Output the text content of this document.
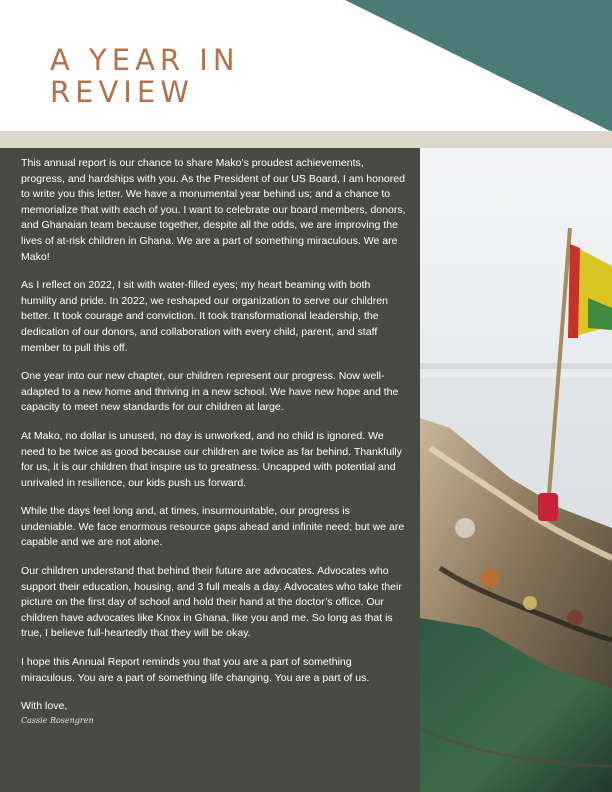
A YEAR IN
REVIEW

This annual report is our chance to share Mako’s proudest achievements, progress, and hardships with you. As the President of our US Board, I am honored to write you this letter. We have a monumental year behind us; and a chance to memorialize that with each of you. I want to celebrate our board members, donors, and Ghanaian team because together, despite all the odds, we are improving the lives of at-risk children in Ghana. We are a part of something miraculous. We are Mako!

As I reflect on 2022, I sit with water-filled eyes; my heart beaming with both humility and pride. In 2022, we reshaped our organization to serve our children better. It took courage and conviction. It took transformational leadership, the dedication of our donors, and collaboration with every child, parent, and staff member to pull this off.

One year into our new chapter, our children represent our progress. Now well-adapted to a new home and thriving in a new school. We have new hope and the capacity to meet new standards for our children at large.

At Mako, no dollar is unused, no day is unworked, and no child is ignored. We need to be twice as good because our children are twice as far behind. Thankfully for us, it is our children that inspire us to greatness. Uncapped with potential and unrivaled in resilience, our kids push us forward.

While the days feel long and, at times, insurmountable, our progress is undeniable. We face enormous resource gaps ahead and infinite need; but we are capable and we are not alone.

Our children understand that behind their future are advocates. Advocates who support their education, housing, and 3 full meals a day. Advocates who take their picture on the first day of school and hold their hand at the doctor’s office. Our children have advocates like Knox in Ghana, like you and me. So long as that is true, I believe full-heartedly that they will be okay.

I hope this Annual Report reminds you that you are a part of something miraculous. You are a part of something life changing. You are a part of us.

With love,

Cassie Rosengren
